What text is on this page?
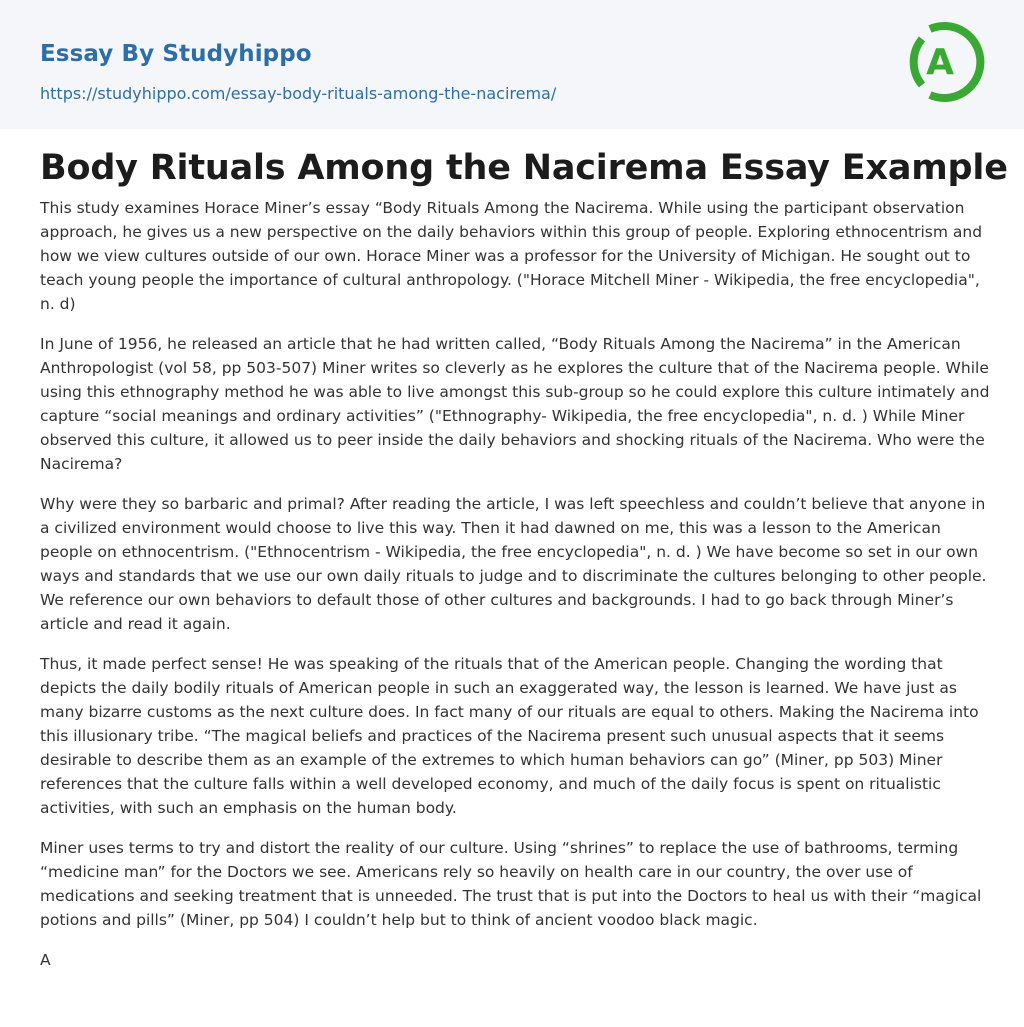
Essay By Studyhippo
https://studyhippo.com/essay-body-rituals-among-the-nacirema/
A
Body Rituals Among the Nacirema Essay Example

This study examines Horace Miner’s essay “Body Rituals Among the Nacirema. While using the participant observation approach, he gives us a new perspective on the daily behaviors within this group of people. Exploring ethnocentrism and how we view cultures outside of our own. Horace Miner was a professor for the University of Michigan. He sought out to teach young people the importance of cultural anthropology. ("Horace Mitchell Miner - Wikipedia, the free encyclopedia", n. d)

In June of 1956, he released an article that he had written called, “Body Rituals Among the Nacirema” in the American Anthropologist (vol 58, pp 503-507) Miner writes so cleverly as he explores the culture that of the Nacirema people. While using this ethnography method he was able to live amongst this sub-group so he could explore this culture intimately and capture “social meanings and ordinary activities” ("Ethnography- Wikipedia, the free encyclopedia", n. d. ) While Miner observed this culture, it allowed us to peer inside the daily behaviors and shocking rituals of the Nacirema. Who were the Nacirema?

Why were they so barbaric and primal? After reading the article, I was left speechless and couldn’t believe that anyone in a civilized environment would choose to live this way. Then it had dawned on me, this was a lesson to the American people on ethnocentrism. ("Ethnocentrism - Wikipedia, the free encyclopedia", n. d. ) We have become so set in our own ways and standards that we use our own daily rituals to judge and to discriminate the cultures belonging to other people. We reference our own behaviors to default those of other cultures and backgrounds. I had to go back through Miner’s article and read it again.

Thus, it made perfect sense! He was speaking of the rituals that of the American people. Changing the wording that depicts the daily bodily rituals of American people in such an exaggerated way, the lesson is learned. We have just as many bizarre customs as the next culture does. In fact many of our rituals are equal to others. Making the Nacirema into this illusionary tribe. “The magical beliefs and practices of the Nacirema present such unusual aspects that it seems desirable to describe them as an example of the extremes to which human behaviors can go” (Miner, pp 503) Miner references that the culture falls within a well developed economy, and much of the daily focus is spent on ritualistic activities, with such an emphasis on the human body.

Miner uses terms to try and distort the reality of our culture. Using “shrines” to replace the use of bathrooms, terming “medicine man” for the Doctors we see. Americans rely so heavily on health care in our country, the over use of medications and seeking treatment that is unneeded. The trust that is put into the Doctors to heal us with their “magical potions and pills” (Miner, pp 504) I couldn’t help but to think of ancient voodoo black magic.

A
